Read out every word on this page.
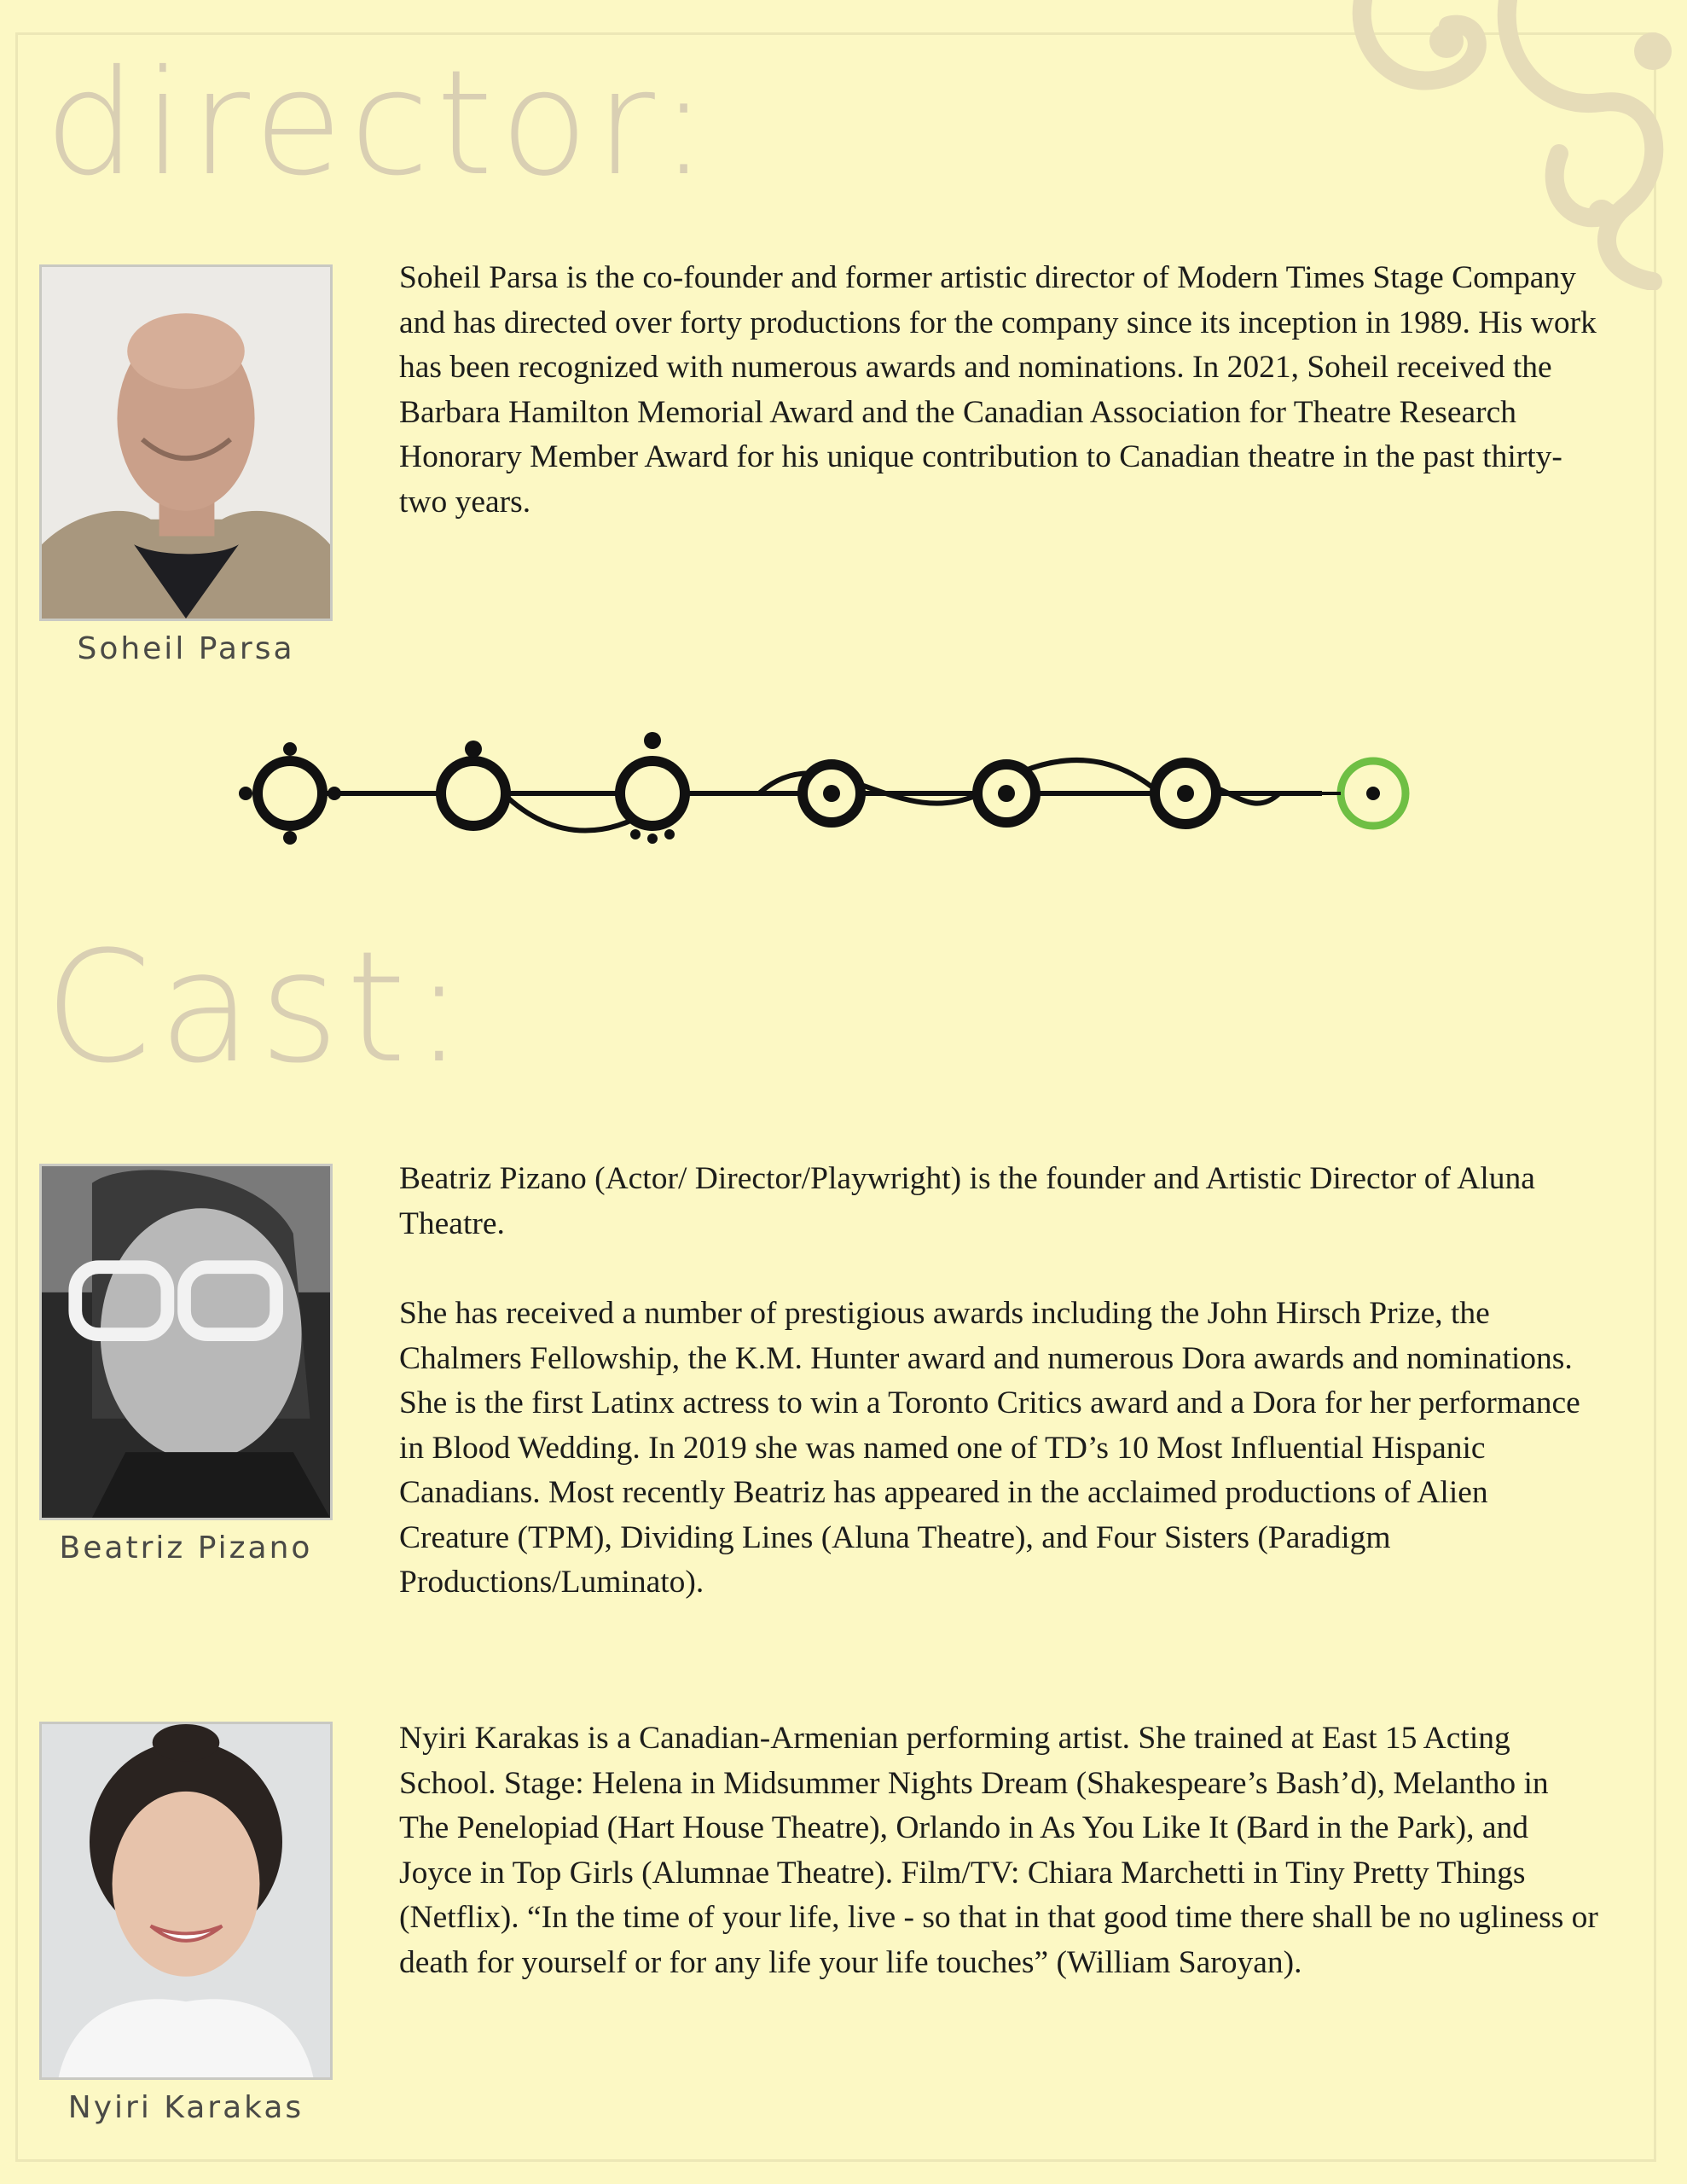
director:

Soheil Parsa

Soheil Parsa is the co-founder and former artistic director of Modern Times Stage Company and has directed over forty productions for the company since its inception in 1989. His work has been recognized with numerous awards and nominations. In 2021, Soheil received the Barbara Hamilton Memorial Award and the Canadian Association for Theatre Research Honorary Member Award for his unique contribution to Canadian theatre in the past thirty-two years.

Cast:

Beatriz Pizano

Beatriz Pizano (Actor/ Director/Playwright) is the founder and Artistic Director of Aluna Theatre.

She has received a number of prestigious awards including the John Hirsch Prize, the Chalmers Fellowship, the K.M. Hunter award and numerous Dora awards and nominations. She is the first Latinx actress to win a Toronto Critics award and a Dora for her performance in Blood Wedding. In 2019 she was named one of TD’s 10 Most Influential Hispanic Canadians. Most recently Beatriz has appeared in the acclaimed productions of Alien Creature (TPM), Dividing Lines (Aluna Theatre), and Four Sisters (Paradigm Productions/Luminato).

Nyiri Karakas

Nyiri Karakas is a Canadian-Armenian performing artist. She trained at East 15 Acting School. Stage: Helena in Midsummer Nights Dream (Shakespeare’s Bash’d), Melantho in The Penelopiad (Hart House Theatre), Orlando in As You Like It (Bard in the Park), and Joyce in Top Girls (Alumnae Theatre). Film/TV: Chiara Marchetti in Tiny Pretty Things (Netflix). “In the time of your life, live - so that in that good time there shall be no ugliness or death for yourself or for any life your life touches” (William Saroyan).
